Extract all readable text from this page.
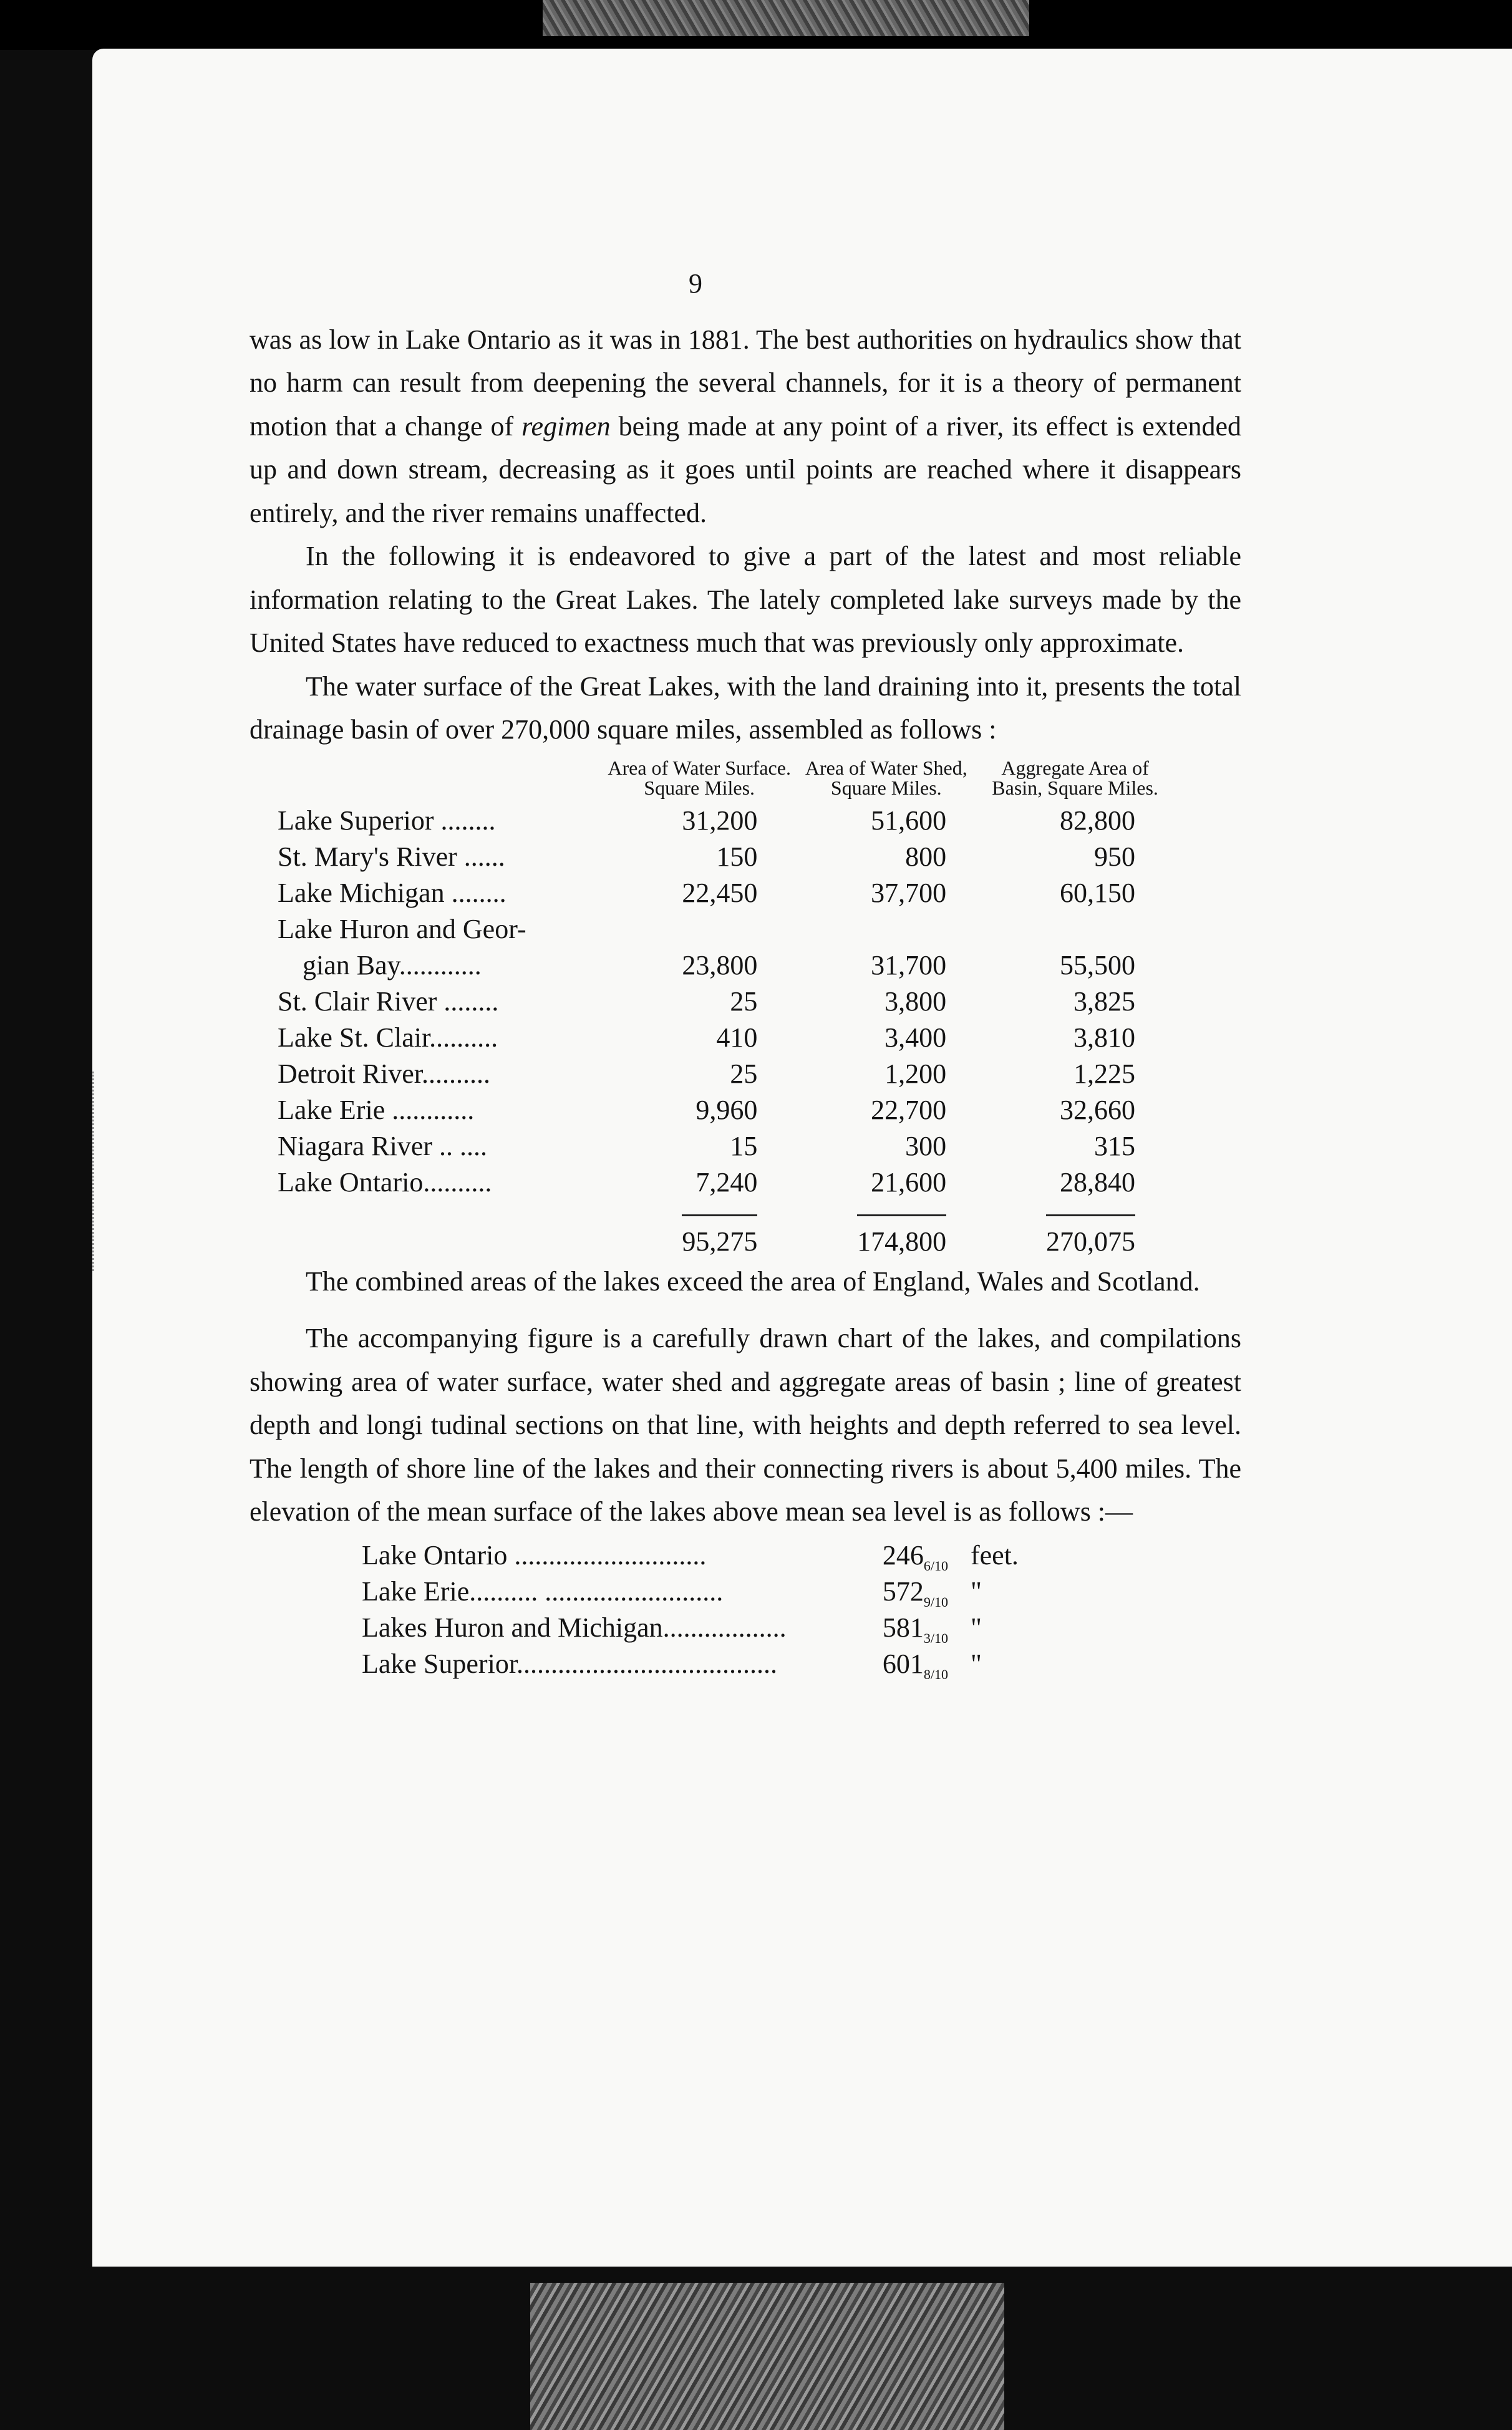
9

was as low in Lake Ontario as it was in 1881. The best authorities on hydraulics show that no harm can result from deepening the several channels, for it is a theory of permanent motion that a change of regimen being made at any point of a river, its effect is extended up and down stream, decreasing as it goes until points are reached where it disappears entirely, and the river remains unaffected.

In the following it is endeavored to give a part of the latest and most reliable information relating to the Great Lakes. The lately completed lake surveys made by the United States have reduced to exactness much that was previously only approximate.

The water surface of the Great Lakes, with the land draining into it, presents the total drainage basin of over 270,000 square miles, assembled as follows :

	Area of Water Surface. Square Miles.	Area of Water Shed, Square Miles.	Aggregate Area of Basin, Square Miles.
Lake Superior ........	31,200	51,600	82,800
St. Mary's River ......	150	800	950
Lake Michigan ........	22,450	37,700	60,150
Lake Huron and Geor-			
gian Bay............	23,800	31,700	55,500
St. Clair River ........	25	3,800	3,825
Lake St. Clair..........	410	3,400	3,810
Detroit River..........	25	1,200	1,225
Lake Erie ............	9,960	22,700	32,660
Niagara River .. ....	15	300	315
Lake Ontario..........	7,240	21,600	28,840
	95,275	174,800	270,075

The combined areas of the lakes exceed the area of England, Wales and Scotland.

The accompanying figure is a carefully drawn chart of the lakes, and compilations showing area of water surface, water shed and aggregate areas of basin ; line of greatest depth and longi tudinal sections on that line, with heights and depth referred to sea level. The length of shore line of the lakes and their connecting rivers is about 5,400 miles. The elevation of the mean surface of the lakes above mean sea level is as follows :—

Lake Ontario ............................	$246_{6/10}$ feet.
Lake Erie.......... ..........................	$572_{9/10}$ "
Lakes Huron and Michigan..................	$581_{3/10}$ "
Lake Superior......................................	$601_{8/10}$ "
